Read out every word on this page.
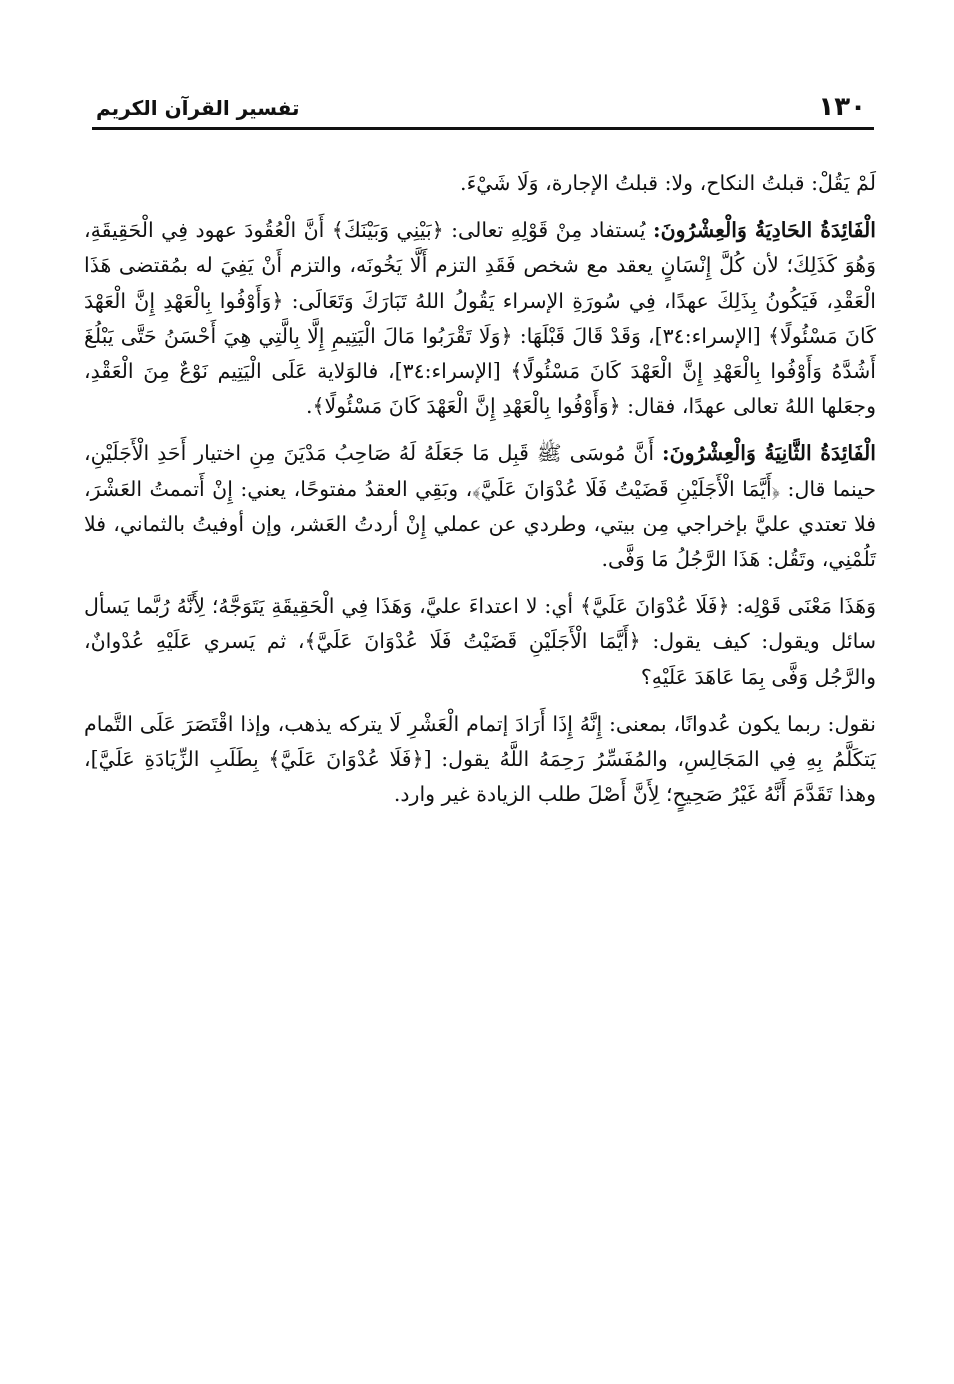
تفسير القرآن الكريم	١٣٠

لَمْ يَقُلْ: قبلتُ النكاح، ولا: قبلتُ الإجارة، وَلَا شَيْءَ.

الْفَائِدَةُ الحَادِيَةُ وَالْعِشْرُونَ: يُستفاد مِنْ قَوْلِهِ تعالى: ﴿بَيْنِي وَبَيْنَكَ﴾ أَنَّ الْعُقُودَ عهود فِي الْحَقِيقَةِ، وَهُوَ كَذَلِكَ؛ لأن كُلَّ إِنْسَانٍ يعقد مع شخص فَقَدِ التزم أَلَّا يَخُونَه، والتزم أَنْ يَفِيَ له بمُقتضى هَذَا الْعَقْدِ، فَيَكُونُ بِذَلِكَ عهدًا، فِي سُورَةِ الإسراء يَقُولُ اللهُ تَبَارَكَ وَتَعَالَى: ﴿وَأَوْفُوا بِالْعَهْدِ إِنَّ الْعَهْدَ كَانَ مَسْئُولًا﴾ [الإسراء:٣٤]، وَقَدْ قَالَ قَبْلَهَا: ﴿وَلَا تَقْرَبُوا مَالَ الْيَتِيمِ إِلَّا بِالَّتِي هِيَ أَحْسَنُ حَتَّى يَبْلُغَ أَشُدَّهُ وَأَوْفُوا بِالْعَهْدِ إِنَّ الْعَهْدَ كَانَ مَسْئُولًا﴾ [الإسراء:٣٤]، فالوَلاية عَلَى الْيَتِيم نَوْعٌ مِنَ الْعَقْدِ، وجعَلها اللهُ تعالى عهدًا، فقال: ﴿وَأَوْفُوا بِالْعَهْدِ إِنَّ الْعَهْدَ كَانَ مَسْئُولًا﴾.

الْفَائِدَةُ الثَّانِيَةُ وَالْعِشْرُونَ: أَنَّ مُوسَى ﷺ قَبِل مَا جَعَلَهُ لَهُ صَاحِبُ مَدْيَنَ مِنِ اختيار أَحَدِ الْأَجَلَيْنِ، حينما قال: ﴿أَيَّمَا الْأَجَلَيْنِ قَضَيْتُ فَلَا عُدْوَانَ عَلَيَّ﴾، وبَقِي العقدُ مفتوحًا، يعني: إِنْ أَتممتُ العَشْرَ، فلا تعتدي عليَّ بإخراجي مِن بيتي، وطردي عن عملي إِنْ أردتُ العَشر، وإن أوفيتُ بالثماني، فلا تَلُمْنِي، وتَقُل: هَذَا الرَّجُلُ مَا وَفَّى.

وَهَذَا مَعْنَى قَوْلِه: ﴿فَلَا عُدْوَانَ عَلَيَّ﴾ أي: لا اعتداءَ عليَّ، وَهَذَا فِي الْحَقِيقَةِ يَتَوَجَّهُ؛ لِأَنَّهُ رُبَّما يَسأل سائل ويقول: كيف يقول: ﴿أَيَّمَا الْأَجَلَيْنِ قَضَيْتُ فَلَا عُدْوَانَ عَلَيَّ﴾، ثم يَسري عَلَيْهِ عُدْوانٌ، والرَّجُل وَفَّى بِمَا عَاهَدَ عَلَيْهِ؟

نقول: ربما يكون عُدوانًا، بمعنى: إِنَّهُ إِذَا أَرَادَ إتمام الْعَشْرِ لَا يتركه يذهب، وإذا اقْتَصَرَ عَلَى التَّمام يَتكَلَّمُ بِهِ فِي المَجَالِسِ، والمُفَسِّرُ رَحِمَهُ اللَّهُ يقول: [﴿فَلَا عُدْوَانَ عَلَيَّ﴾ بِطَلَبِ الزِّيَادَةِ عَلَيَّ]، وهذا تَقَدَّمَ أَنَّهُ غَيْرُ صَحِيحٍ؛ لِأَنَّ أَصْلَ طلب الزيادة غير وارد.
